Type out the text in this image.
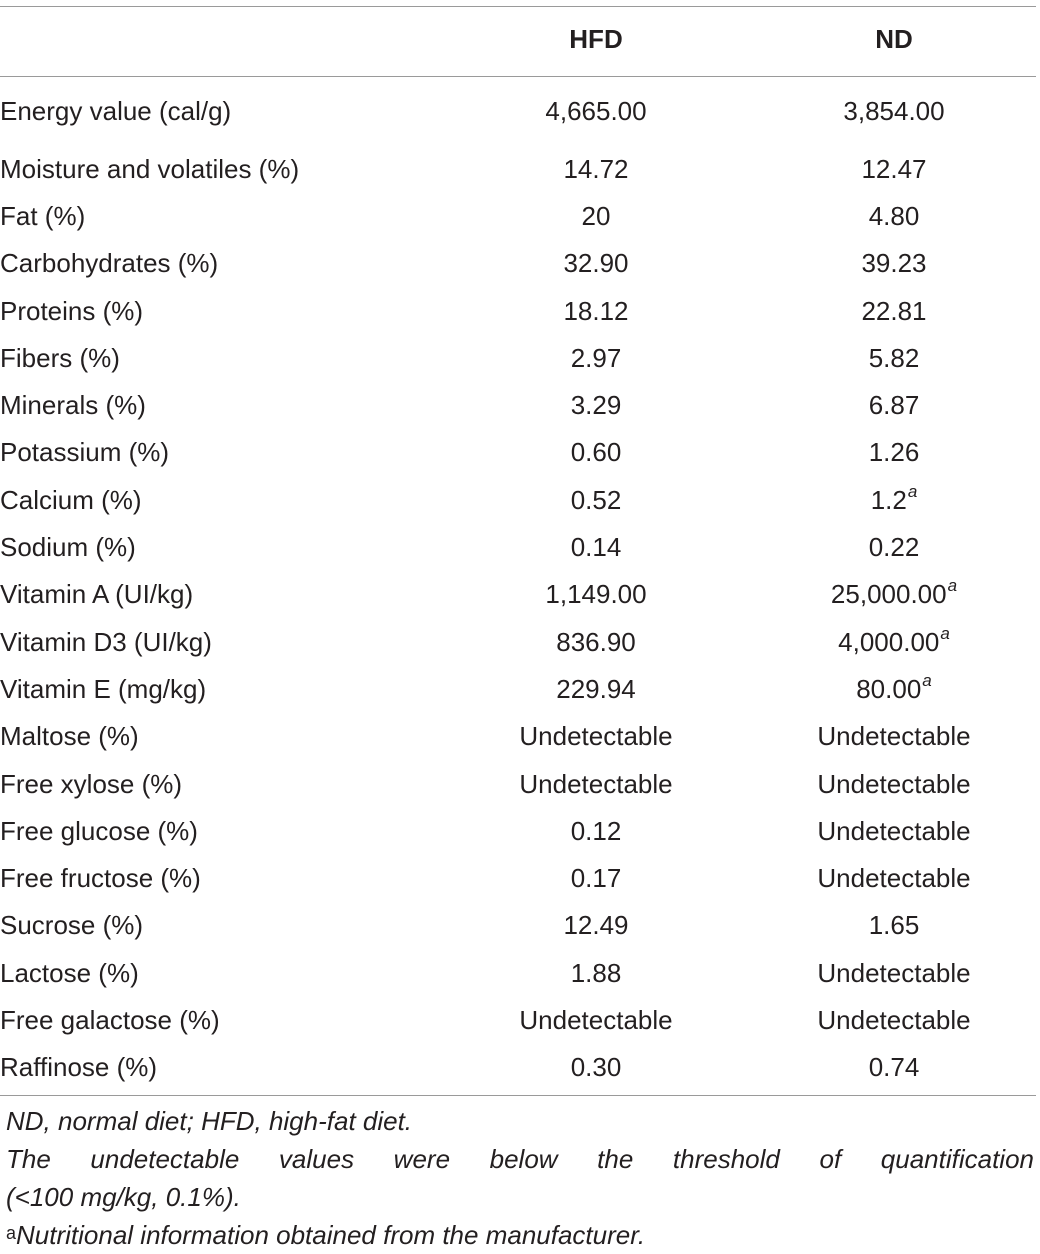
	HFD	ND
Energy value (cal/g)	4,665.00	3,854.00
Moisture and volatiles (%)	14.72	12.47
Fat (%)	20	4.80
Carbohydrates (%)	32.90	39.23
Proteins (%)	18.12	22.81
Fibers (%)	2.97	5.82
Minerals (%)	3.29	6.87
Potassium (%)	0.60	1.26
Calcium (%)	0.52	1.2$^a$
Sodium (%)	0.14	0.22
Vitamin A (UI/kg)	1,149.00	25,000.00$^a$
Vitamin D3 (UI/kg)	836.90	4,000.00$^a$
Vitamin E (mg/kg)	229.94	80.00$^a$
Maltose (%)	Undetectable	Undetectable
Free xylose (%)	Undetectable	Undetectable
Free glucose (%)	0.12	Undetectable
Free fructose (%)	0.17	Undetectable
Sucrose (%)	12.49	1.65
Lactose (%)	1.88	Undetectable
Free galactose (%)	Undetectable	Undetectable
Raffinose (%)	0.30	0.74
ND, normal diet; HFD, high-fat diet.
The undetectable values were below the threshold of quantification
(<100 mg/kg, 0.1%).
$^a$Nutritional information obtained from the manufacturer.
